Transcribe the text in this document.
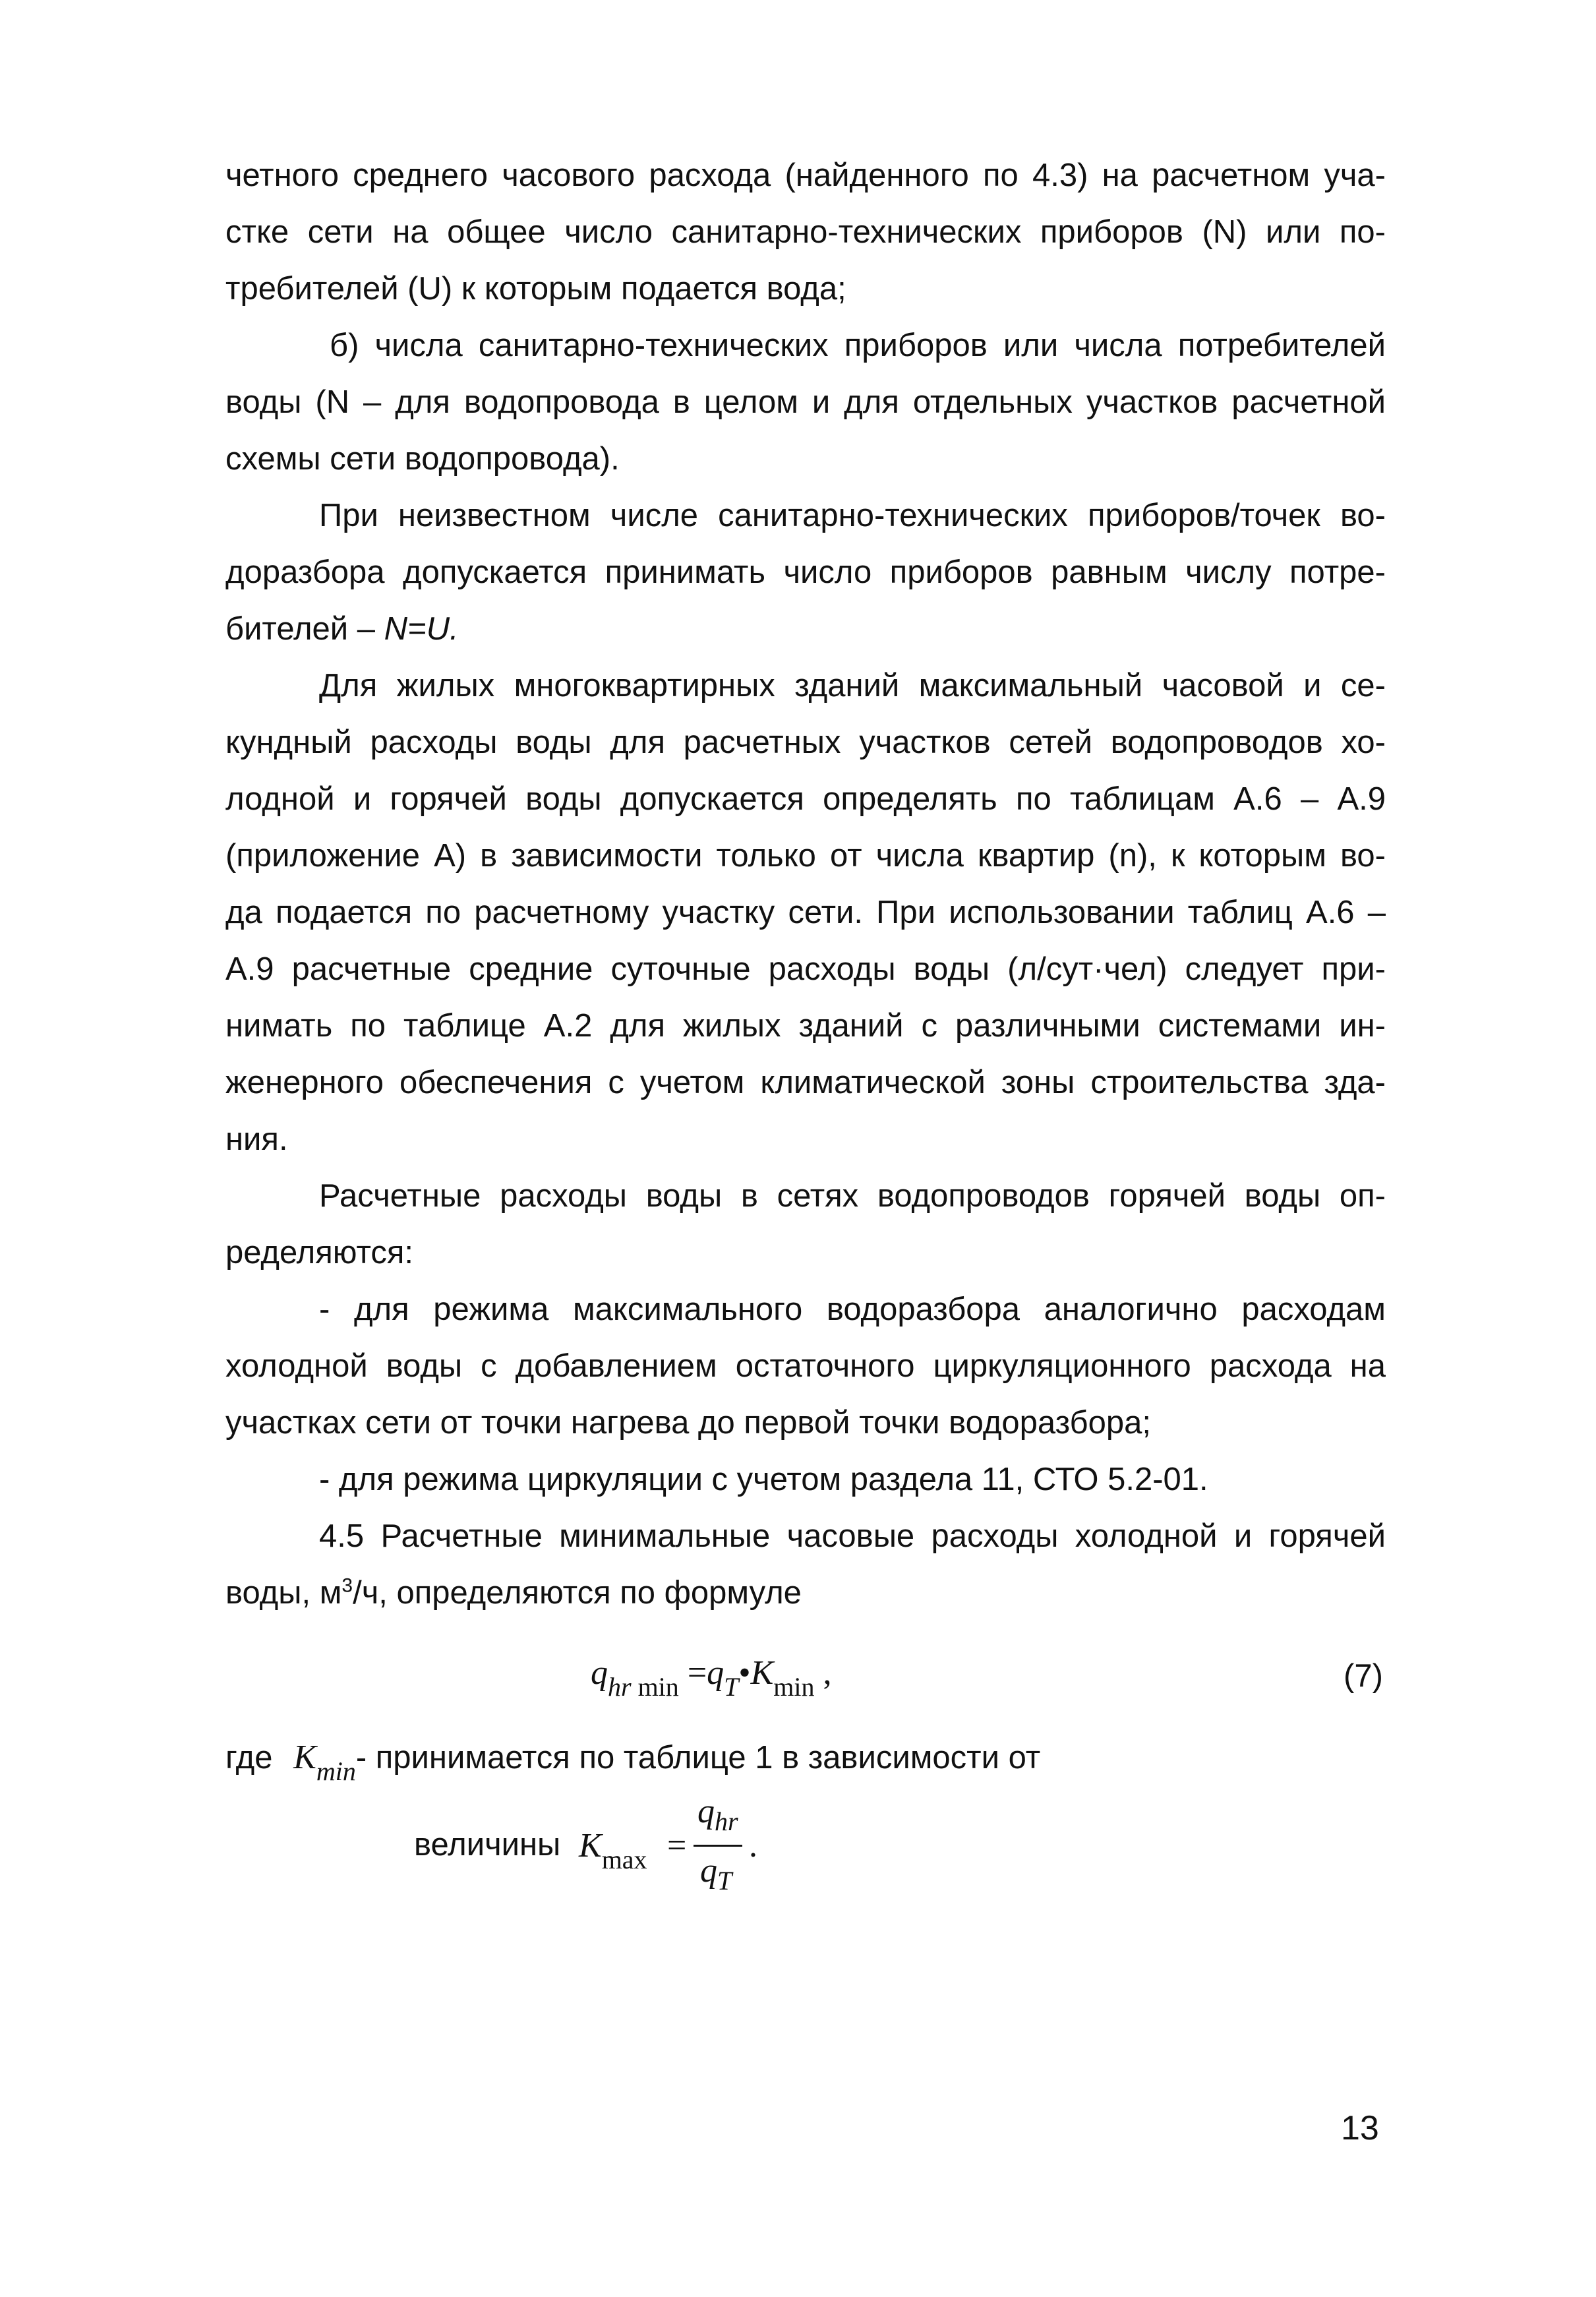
четного среднего часового расхода (найденного по 4.3) на расчетном уча-
стке сети на общее число санитарно-технических приборов (N) или по-
требителей (U) к которым подается вода;
б) числа санитарно-технических приборов или числа потребителей
воды (N – для водопровода в целом и для отдельных участков расчетной
схемы сети водопровода).
При неизвестном числе санитарно-технических приборов/точек во-
доразбора допускается принимать число приборов равным числу потре-
бителей – N=U.
Для жилых многоквартирных зданий максимальный часовой и се-
кундный расходы воды для расчетных участков сетей водопроводов хо-
лодной и горячей воды допускается определять по таблицам А.6 – А.9
(приложение А) в зависимости только от числа квартир (n), к которым во-
да подается по расчетному участку сети. При использовании таблиц А.6 –
А.9 расчетные средние суточные расходы воды (л/сут·чел) следует при-
нимать по таблице А.2 для жилых зданий с различными системами ин-
женерного обеспечения с учетом климатической зоны строительства зда-
ния.
Расчетные расходы воды в сетях водопроводов горячей воды оп-
ределяются:
- для режима максимального водоразбора аналогично расходам
холодной воды с добавлением остаточного циркуляционного расхода на
участках сети от точки нагрева до первой точки водоразбора;
- для режима циркуляции с учетом раздела 11, СТО 5.2-01.
4.5 Расчетные минимальные часовые расходы холодной и горячей
воды, $м^3/ч$, определяются по формуле
$q_{hr}$ $_{min} =q_T•K_{min}$ ,	(7)
где $K_{min}-$ принимается по таблице 1 в зависимости от
величины $K_{max}$ =
$q_{hr}$
$q_T$
.
13
